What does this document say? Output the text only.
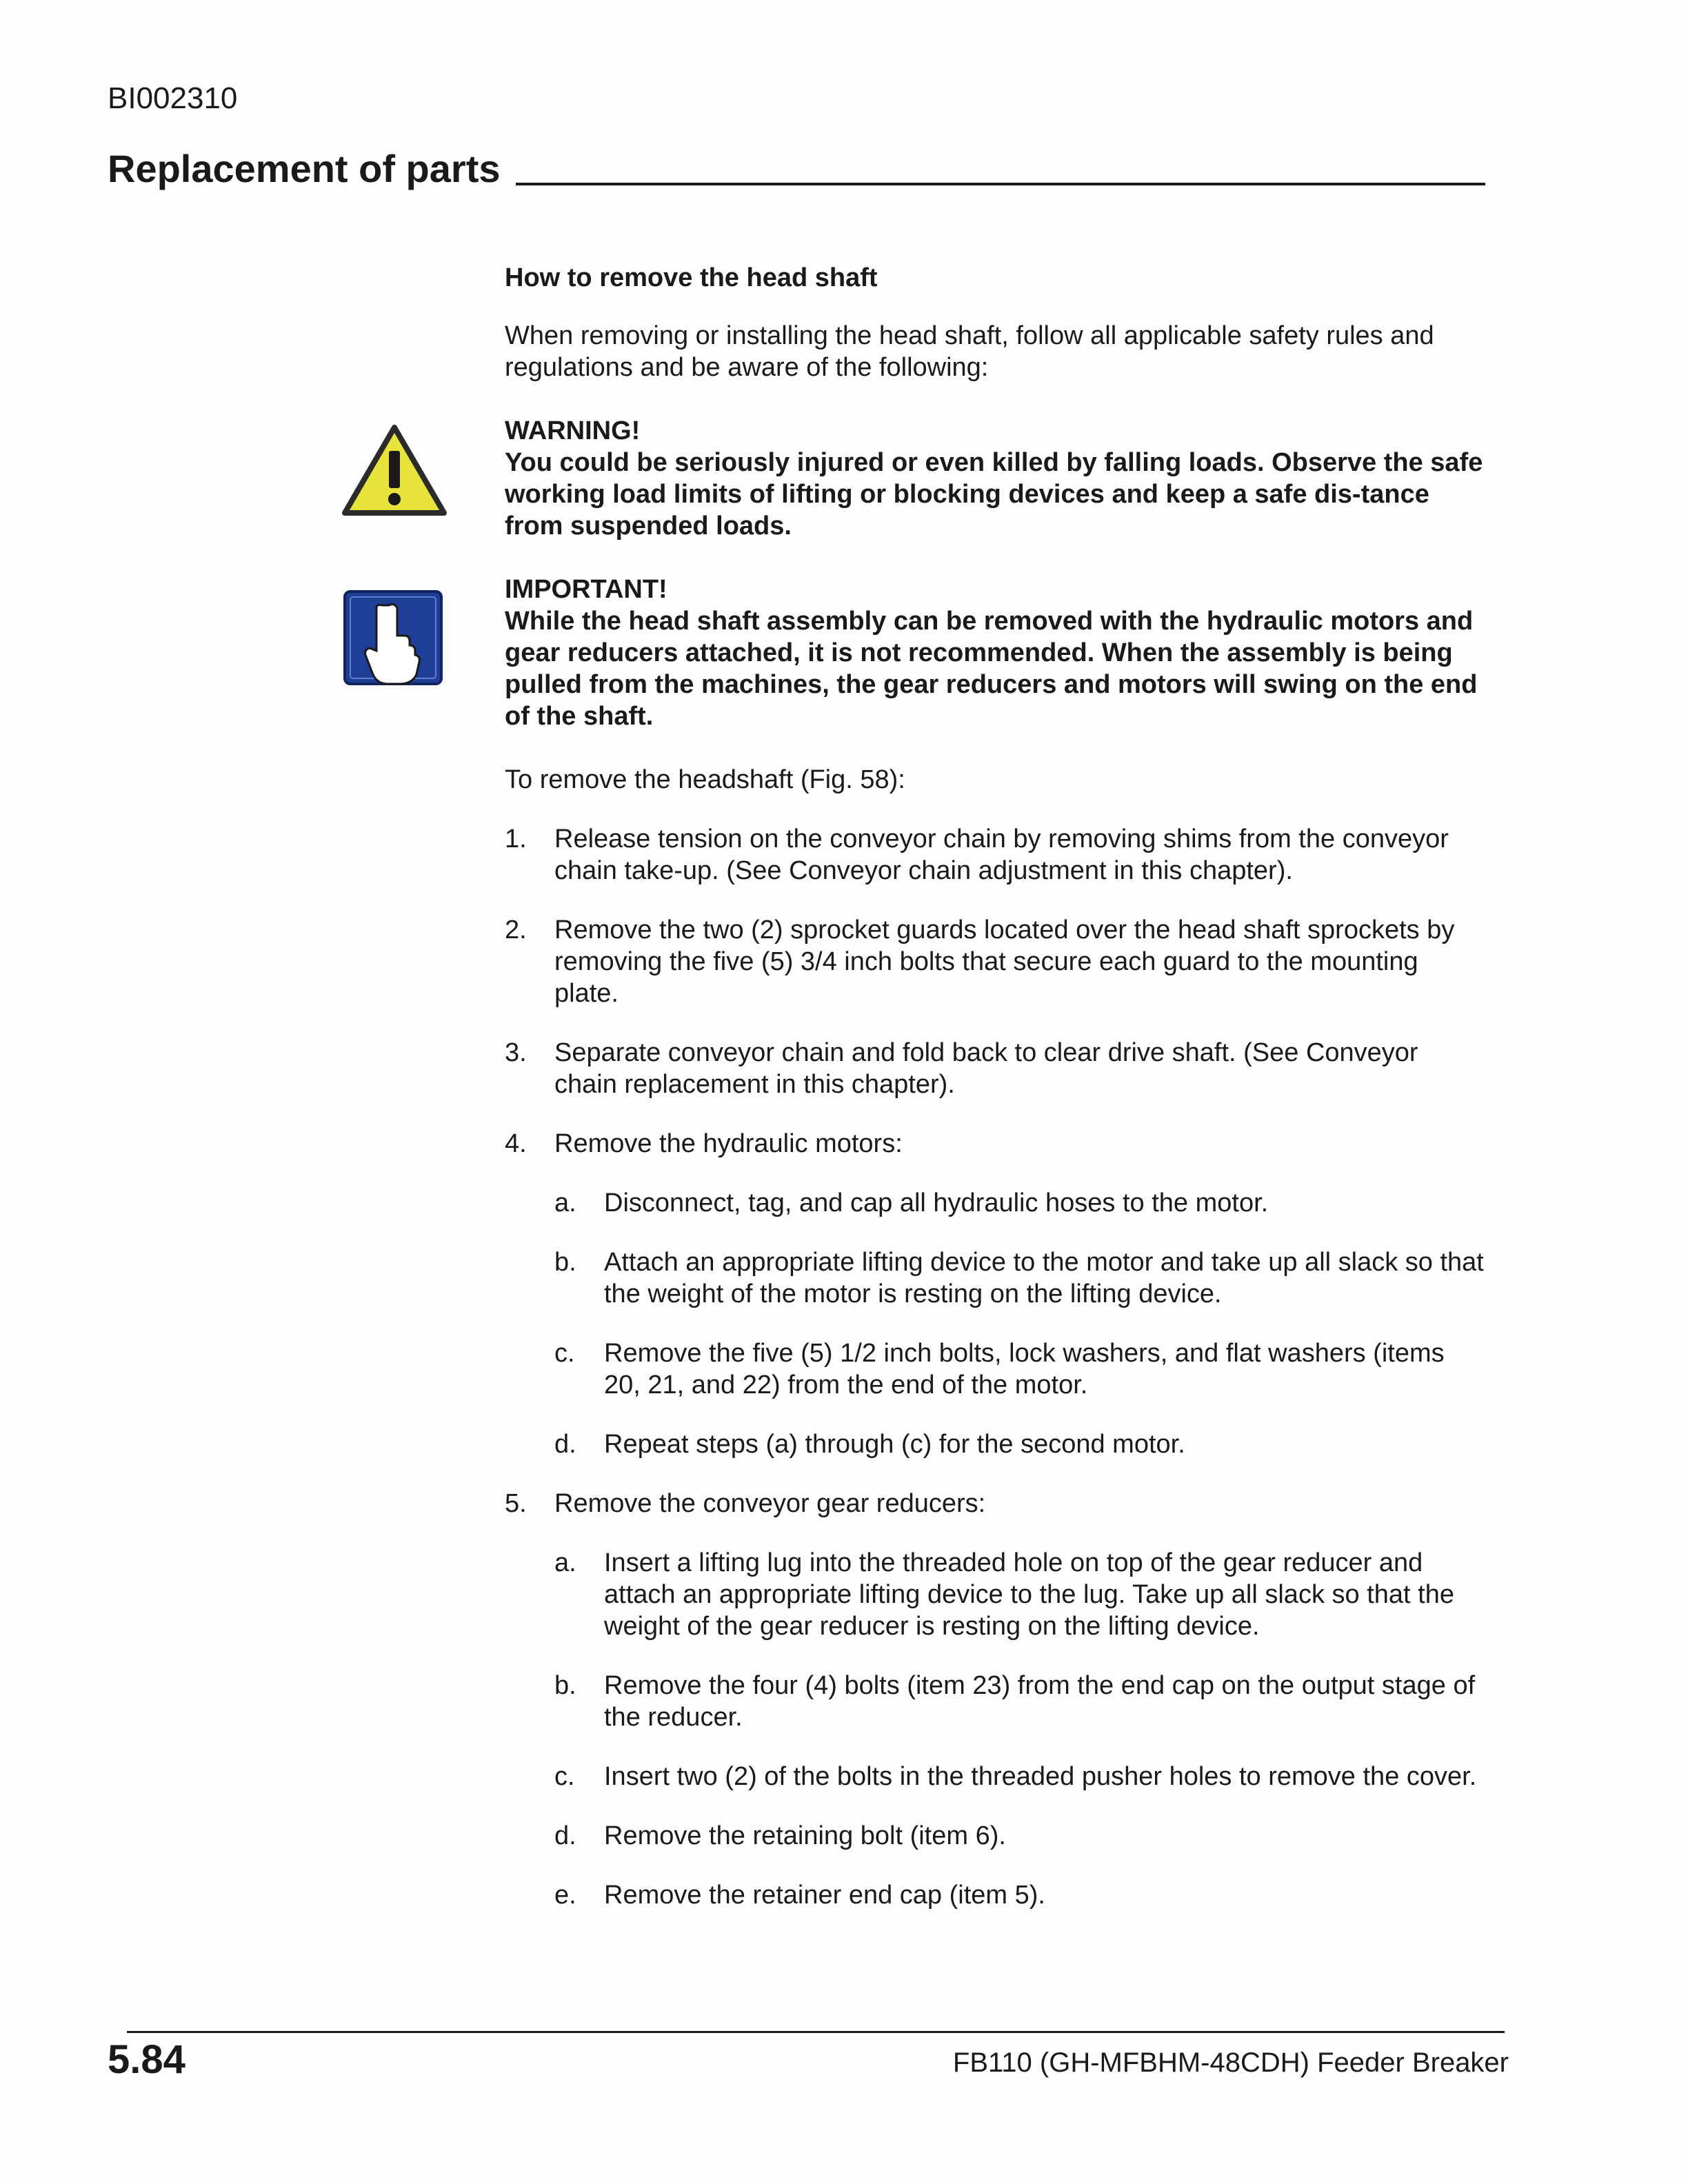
BI002310
Replacement of parts

How to remove the head shaft

When removing or installing the head shaft, follow all applicable safety rules and regulations and be aware of the following:

WARNING!
You could be seriously injured or even killed by falling loads. Observe the safe working load limits of lifting or blocking devices and keep a safe dis-tance from suspended loads.
IMPORTANT!
While the head shaft assembly can be removed with the hydraulic motors and gear reducers attached, it is not recommended. When the assembly is being pulled from the machines, the gear reducers and motors will swing on the end of the shaft.

To remove the headshaft (Fig. 58):

1.	Release tension on the conveyor chain by removing shims from the conveyor chain take-up. (See Conveyor chain adjustment in this chapter).
2.	Remove the two (2) sprocket guards located over the head shaft sprockets by removing the five (5) 3/4 inch bolts that secure each guard to the mounting plate.
3.	Separate conveyor chain and fold back to clear drive shaft. (See Conveyor chain replacement in this chapter).
4.	Remove the hydraulic motors:
a.	Disconnect, tag, and cap all hydraulic hoses to the motor.
b.	Attach an appropriate lifting device to the motor and take up all slack so that the weight of the motor is resting on the lifting device.
c.	Remove the five (5) 1/2 inch bolts, lock washers, and flat washers (items 20, 21, and 22) from the end of the motor.
d.	Repeat steps (a) through (c) for the second motor.
5.	Remove the conveyor gear reducers:
a.	Insert a lifting lug into the threaded hole on top of the gear reducer and attach an appropriate lifting device to the lug. Take up all slack so that the weight of the gear reducer is resting on the lifting device.
b.	Remove the four (4) bolts (item 23) from the end cap on the output stage of the reducer.
c.	Insert two (2) of the bolts in the threaded pusher holes to remove the cover.
d.	Remove the retaining bolt (item 6).
e.	Remove the retainer end cap (item 5).
5.84	FB110 (GH-MFBHM-48CDH) Feeder Breaker
